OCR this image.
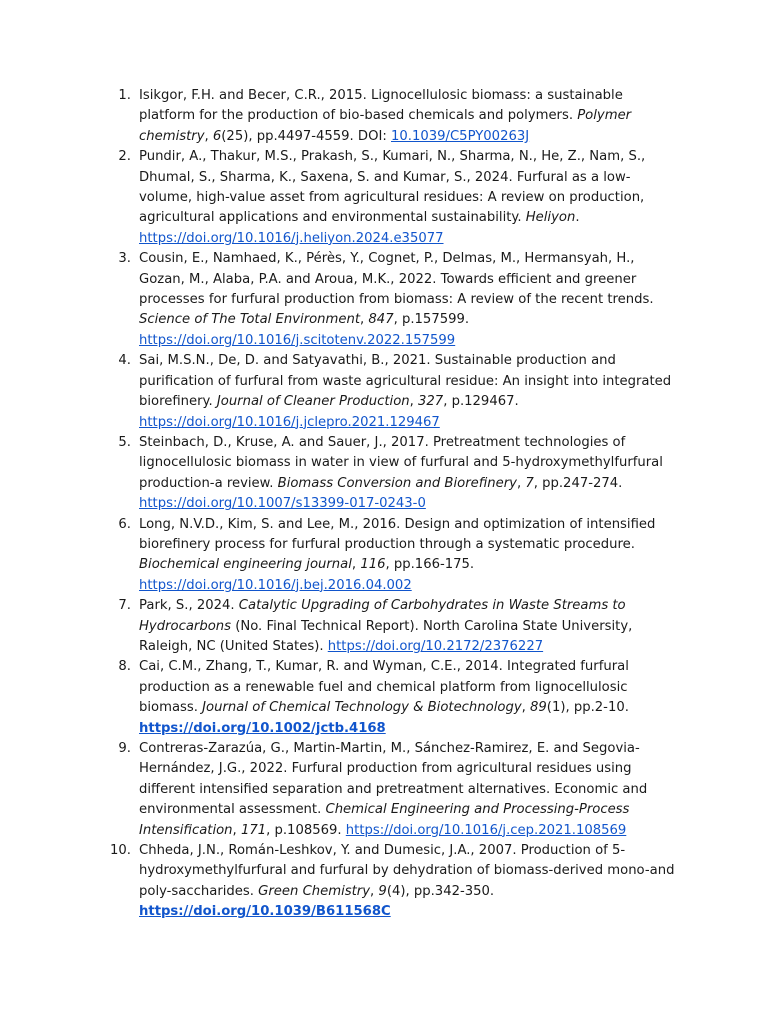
1. Isikgor, F.H. and Becer, C.R., 2015. Lignocellulosic biomass: a sustainable platform for the production of bio-based chemicals and polymers. Polymer chemistry, 6(25), pp.4497-4559. DOI: 10.1039/C5PY00263J
2. Pundir, A., Thakur, M.S., Prakash, S., Kumari, N., Sharma, N., He, Z., Nam, S., Dhumal, S., Sharma, K., Saxena, S. and Kumar, S., 2024. Furfural as a low-volume, high-value asset from agricultural residues: A review on production, agricultural applications and environmental sustainability. Heliyon. https://doi.org/10.1016/j.heliyon.2024.e35077
3. Cousin, E., Namhaed, K., Pérès, Y., Cognet, P., Delmas, M., Hermansyah, H., Gozan, M., Alaba, P.A. and Aroua, M.K., 2022. Towards efficient and greener processes for furfural production from biomass: A review of the recent trends. Science of The Total Environment, 847, p.157599. https://doi.org/10.1016/j.scitotenv.2022.157599
4. Sai, M.S.N., De, D. and Satyavathi, B., 2021. Sustainable production and purification of furfural from waste agricultural residue: An insight into integrated biorefinery. Journal of Cleaner Production, 327, p.129467. https://doi.org/10.1016/j.jclepro.2021.129467
5. Steinbach, D., Kruse, A. and Sauer, J., 2017. Pretreatment technologies of lignocellulosic biomass in water in view of furfural and 5-hydroxymethylfurfural production-a review. Biomass Conversion and Biorefinery, 7, pp.247-274. https://doi.org/10.1007/s13399-017-0243-0
6. Long, N.V.D., Kim, S. and Lee, M., 2016. Design and optimization of intensified biorefinery process for furfural production through a systematic procedure. Biochemical engineering journal, 116, pp.166-175. https://doi.org/10.1016/j.bej.2016.04.002
7. Park, S., 2024. Catalytic Upgrading of Carbohydrates in Waste Streams to Hydrocarbons (No. Final Technical Report). North Carolina State University, Raleigh, NC (United States). https://doi.org/10.2172/2376227
8. Cai, C.M., Zhang, T., Kumar, R. and Wyman, C.E., 2014. Integrated furfural production as a renewable fuel and chemical platform from lignocellulosic biomass. Journal of Chemical Technology & Biotechnology, 89(1), pp.2-10. https://doi.org/10.1002/jctb.4168
9. Contreras-Zarazúa, G., Martin-Martin, M., Sánchez-Ramirez, E. and Segovia-Hernández, J.G., 2022. Furfural production from agricultural residues using different intensified separation and pretreatment alternatives. Economic and environmental assessment. Chemical Engineering and Processing-Process Intensification, 171, p.108569. https://doi.org/10.1016/j.cep.2021.108569
10. Chheda, J.N., Román-Leshkov, Y. and Dumesic, J.A., 2007. Production of 5-hydroxymethylfurfural and furfural by dehydration of biomass-derived mono-and poly-saccharides. Green Chemistry, 9(4), pp.342-350. https://doi.org/10.1039/B611568C
